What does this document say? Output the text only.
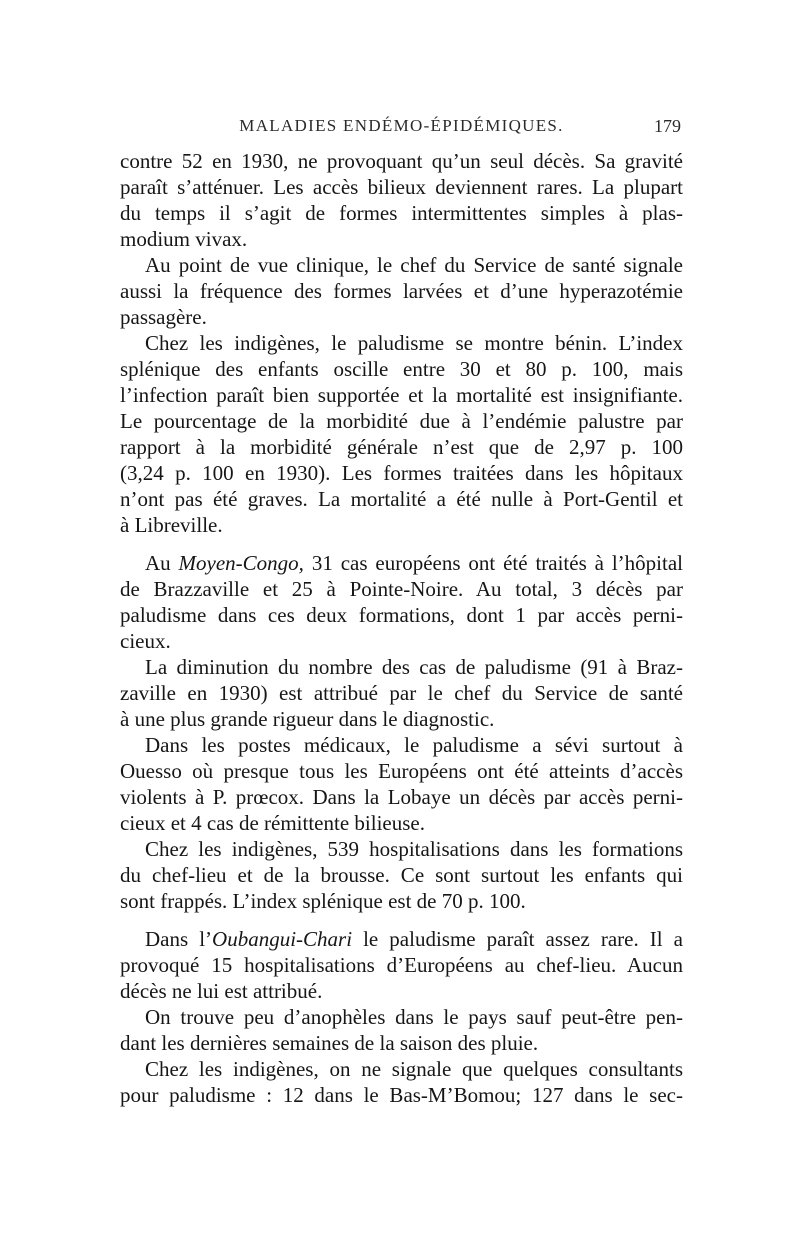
MALADIES ENDÉMO-ÉPIDÉMIQUES.	179

contre 52 en 1930, ne provoquant qu’un seul décès. Sa gravité
paraît s’atténuer. Les accès bilieux deviennent rares. La plupart
du temps il s’agit de formes intermittentes simples à plas-
modium vivax.

Au point de vue clinique, le chef du Service de santé signale
aussi la fréquence des formes larvées et d’une hyperazotémie
passagère.

Chez les indigènes, le paludisme se montre bénin. L’index
splénique des enfants oscille entre 30 et 80 p. 100, mais
l’infection paraît bien supportée et la mortalité est insignifiante.
Le pourcentage de la morbidité due à l’endémie palustre par
rapport à la morbidité générale n’est que de 2,97 p. 100
(3,24 p. 100 en 1930). Les formes traitées dans les hôpitaux
n’ont pas été graves. La mortalité a été nulle à Port-Gentil et
à Libreville.

Au Moyen-Congo, 31 cas européens ont été traités à l’hôpital
de Brazzaville et 25 à Pointe-Noire. Au total, 3 décès par
paludisme dans ces deux formations, dont 1 par accès perni-
cieux.

La diminution du nombre des cas de paludisme (91 à Braz-
zaville en 1930) est attribué par le chef du Service de santé
à une plus grande rigueur dans le diagnostic.

Dans les postes médicaux, le paludisme a sévi surtout à
Ouesso où presque tous les Européens ont été atteints d’accès
violents à P. prœcox. Dans la Lobaye un décès par accès perni-
cieux et 4 cas de rémittente bilieuse.

Chez les indigènes, 539 hospitalisations dans les formations
du chef-lieu et de la brousse. Ce sont surtout les enfants qui
sont frappés. L’index splénique est de 70 p. 100.

Dans l’Oubangui-Chari le paludisme paraît assez rare. Il a
provoqué 15 hospitalisations d’Européens au chef-lieu. Aucun
décès ne lui est attribué.

On trouve peu d’anophèles dans le pays sauf peut-être pen-
dant les dernières semaines de la saison des pluie.

Chez les indigènes, on ne signale que quelques consultants
pour paludisme : 12 dans le Bas-M’Bomou; 127 dans le sec-
